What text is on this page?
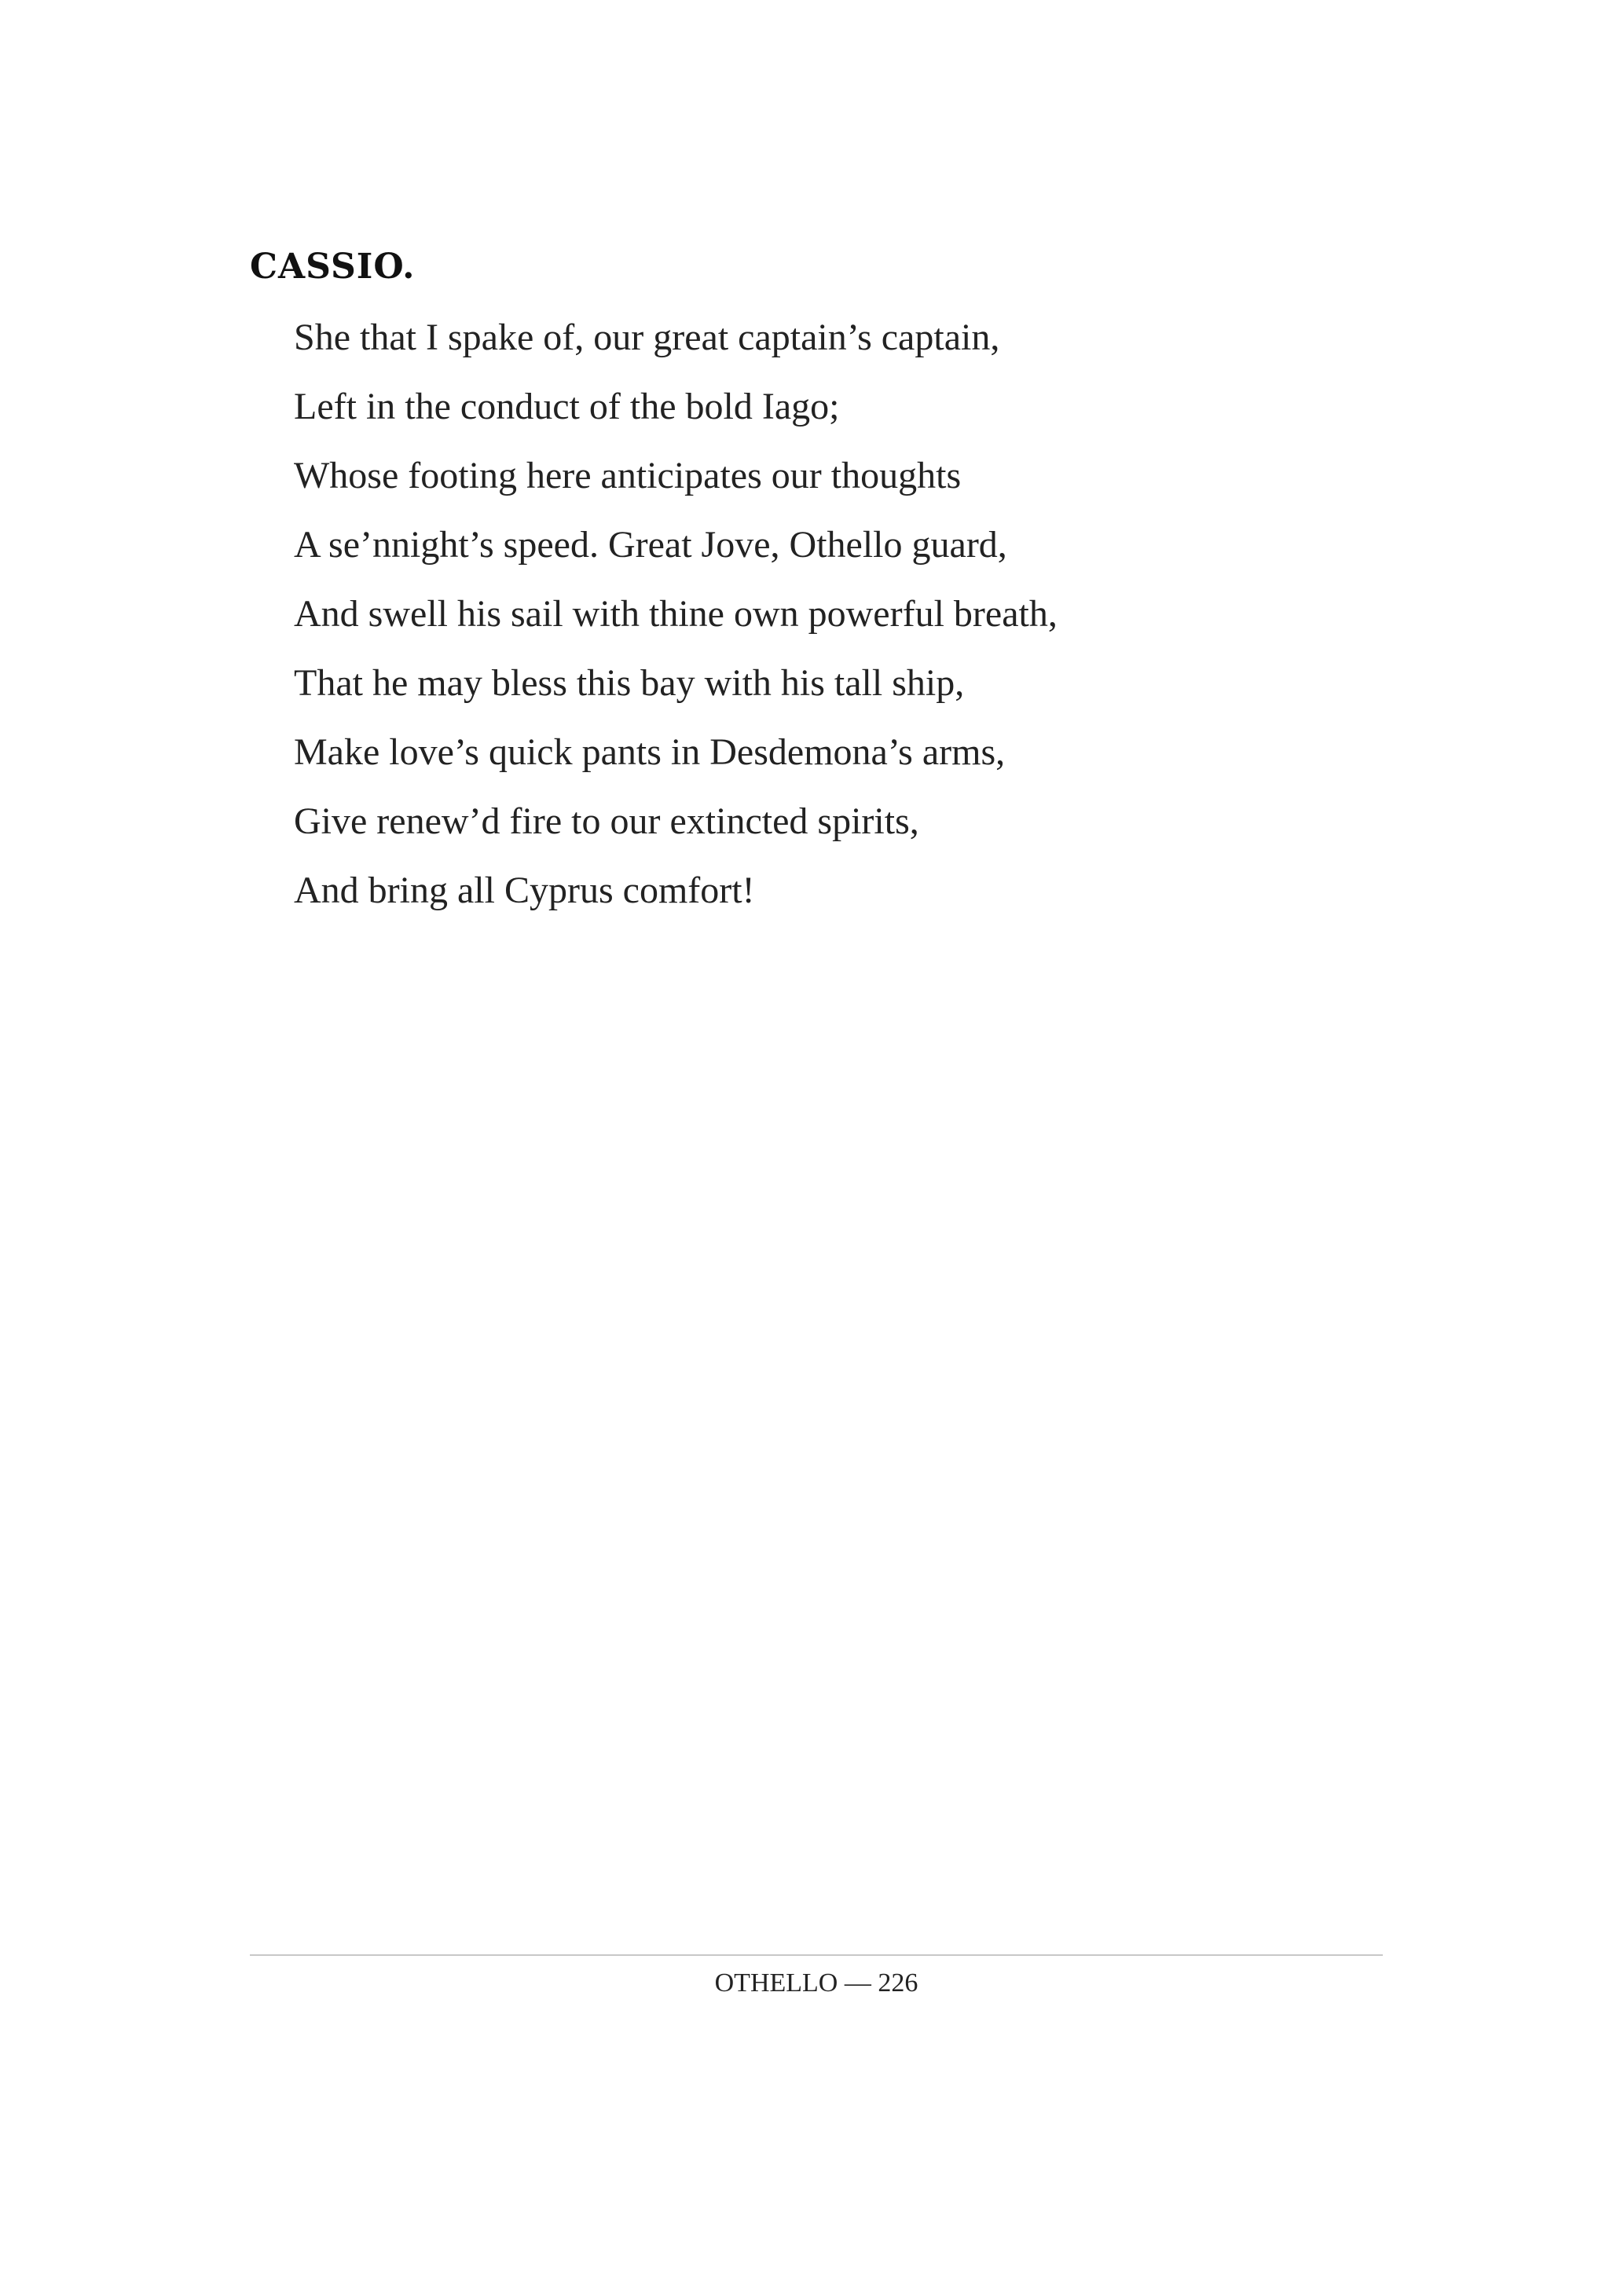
CASSIO.
She that I spake of, our great captain’s captain,
Left in the conduct of the bold Iago;
Whose footing here anticipates our thoughts
A se’nnight’s speed. Great Jove, Othello guard,
And swell his sail with thine own powerful breath,
That he may bless this bay with his tall ship,
Make love’s quick pants in Desdemona’s arms,
Give renew’d fire to our extincted spirits,
And bring all Cyprus comfort!
OTHELLO — 226
